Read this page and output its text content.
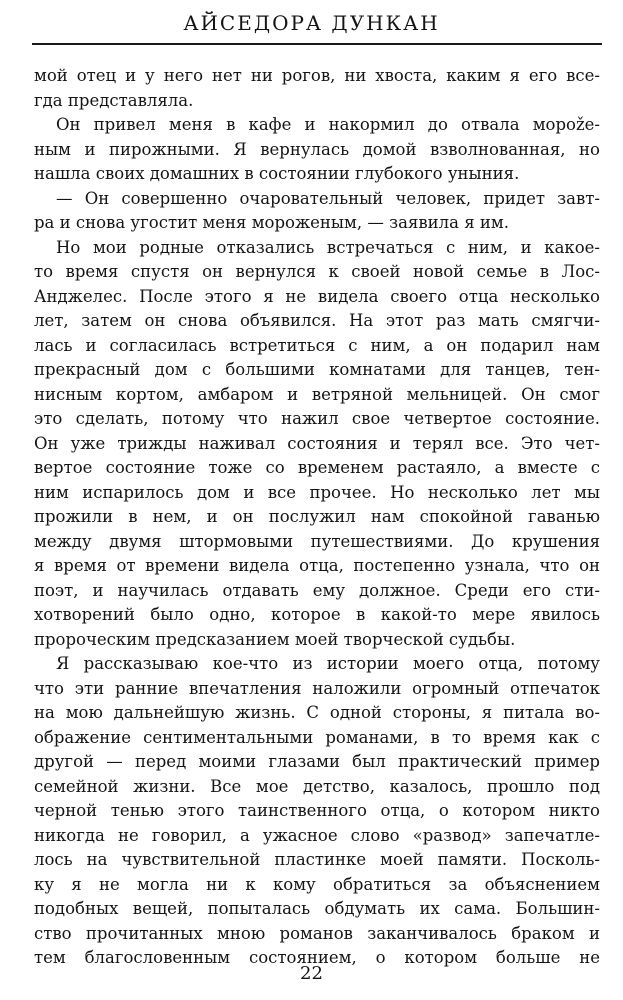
АЙСЕДОРА ДУНКАН
мой отец и у него нет ни рогов, ни хвоста, каким я его все-
гда представляла.
Он привел меня в кафе и накормил до отвала морože-
ным и пирожными. Я вернулась домой взволнованная, но
нашла своих домашних в состоянии глубокого уныния.
— Он совершенно очаровательный человек, придет завт-
ра и снова угостит меня мороженым, — заявила я им.
Но мои родные отказались встречаться с ним, и какое-
то время спустя он вернулся к своей новой семье в Лос-
Анджелес. После этого я не видела своего отца несколько
лет, затем он снова объявился. На этот раз мать смягчи-
лась и согласилась встретиться с ним, а он подарил нам
прекрасный дом с большими комнатами для танцев, тен-
нисным кортом, амбаром и ветряной мельницей. Он смог
это сделать, потому что нажил свое четвертое состояние.
Он уже трижды наживал состояния и терял все. Это чет-
вертое состояние тоже со временем растаяло, а вместе с
ним испарилось дом и все прочее. Но несколько лет мы
прожили в нем, и он послужил нам спокойной гаванью
между двумя штормовыми путешествиями. До крушения
я время от времени видела отца, постепенно узнала, что он
поэт, и научилась отдавать ему должное. Среди его сти-
хотворений было одно, которое в какой-то мере явилось
пророческим предсказанием моей творческой судьбы.
Я рассказываю кое-что из истории моего отца, потому
что эти ранние впечатления наложили огромный отпечаток
на мою дальнейшую жизнь. С одной стороны, я питала во-
ображение сентиментальными романами, в то время как с
другой — перед моими глазами был практический пример
семейной жизни. Все мое детство, казалось, прошло под
черной тенью этого таинственного отца, о котором никто
никогда не говорил, а ужасное слово «развод» запечатле-
лось на чувствительной пластинке моей памяти. Посколь-
ку я не могла ни к кому обратиться за объяснением
подобных вещей, попыталась обдумать их сама. Большин-
ство прочитанных мною романов заканчивалось браком и
тем благословенным состоянием, о котором больше не
22
